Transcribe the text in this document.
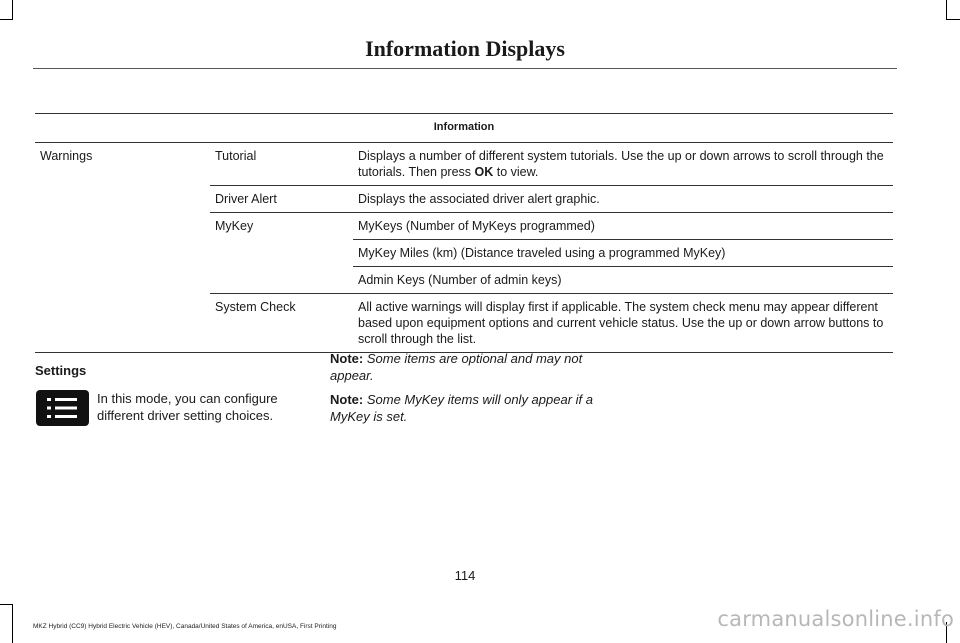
Information Displays
Information		
Warnings	Tutorial	Displays a number of different system tutorials. Use the up or down arrows to scroll through the tutorials. Then press OK to view.
	Driver Alert	Displays the associated driver alert graphic.
	MyKey	MyKeys (Number of MyKeys programmed)
		MyKey Miles (km) (Distance traveled using a programmed MyKey)
		Admin Keys (Number of admin keys)
	System Check	All active warnings will display first if applicable. The system check menu may appear different based upon equipment options and current vehicle status. Use the up or down arrow buttons to scroll through the list.
Settings
In this mode, you can configure different driver setting choices.

Note: Some items are optional and may not appear.

Note: Some MyKey items will only appear if a MyKey is set.

114
MKZ Hybrid (CC9) Hybrid Electric Vehicle (HEV), Canada/United States of America, enUSA, First Printing	carmanualsonline.info
